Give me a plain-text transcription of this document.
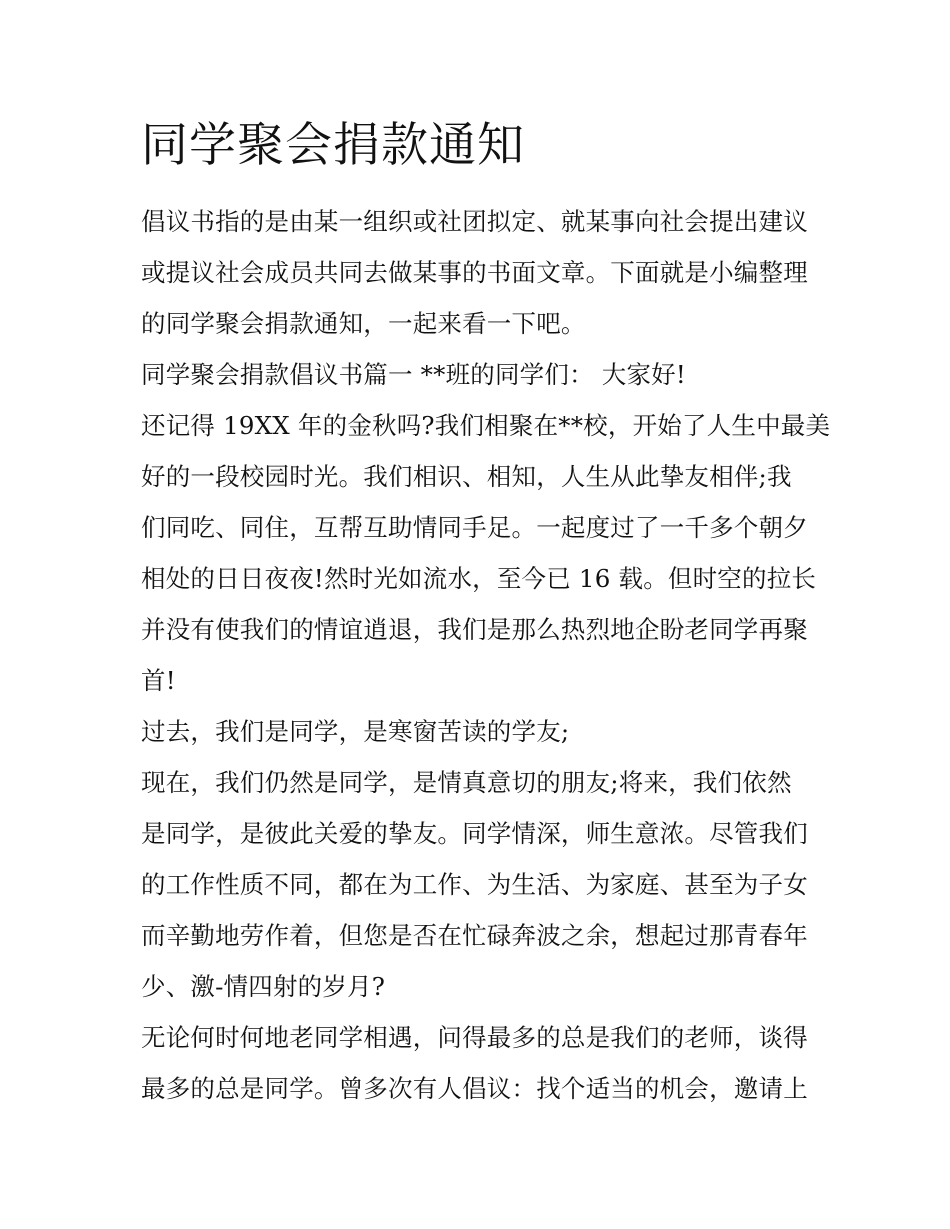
同学聚会捐款通知

倡议书指的是由某一组织或社团拟定、就某事向社会提出建议

或提议社会成员共同去做某事的书面文章。下面就是小编整理

的同学聚会捐款通知，一起来看一下吧。

同学聚会捐款倡议书篇一 **班的同学们： 大家好!

还记得 19XX 年的金秋吗?我们相聚在**校，开始了人生中最美

好的一段校园时光。我们相识、相知，人生从此挚友相伴;我

们同吃、同住，互帮互助情同手足。一起度过了一千多个朝夕

相处的日日夜夜!然时光如流水，至今已 16 载。但时空的拉长

并没有使我们的情谊逍退，我们是那么热烈地企盼老同学再聚

首!

过去，我们是同学，是寒窗苦读的学友;

现在，我们仍然是同学，是情真意切的朋友;将来，我们依然

是同学，是彼此关爱的挚友。同学情深，师生意浓。尽管我们

的工作性质不同，都在为工作、为生活、为家庭、甚至为子女

而辛勤地劳作着，但您是否在忙碌奔波之余，想起过那青春年

少、激-情四射的岁月?

无论何时何地老同学相遇，问得最多的总是我们的老师，谈得

最多的总是同学。曾多次有人倡议：找个适当的机会，邀请上
